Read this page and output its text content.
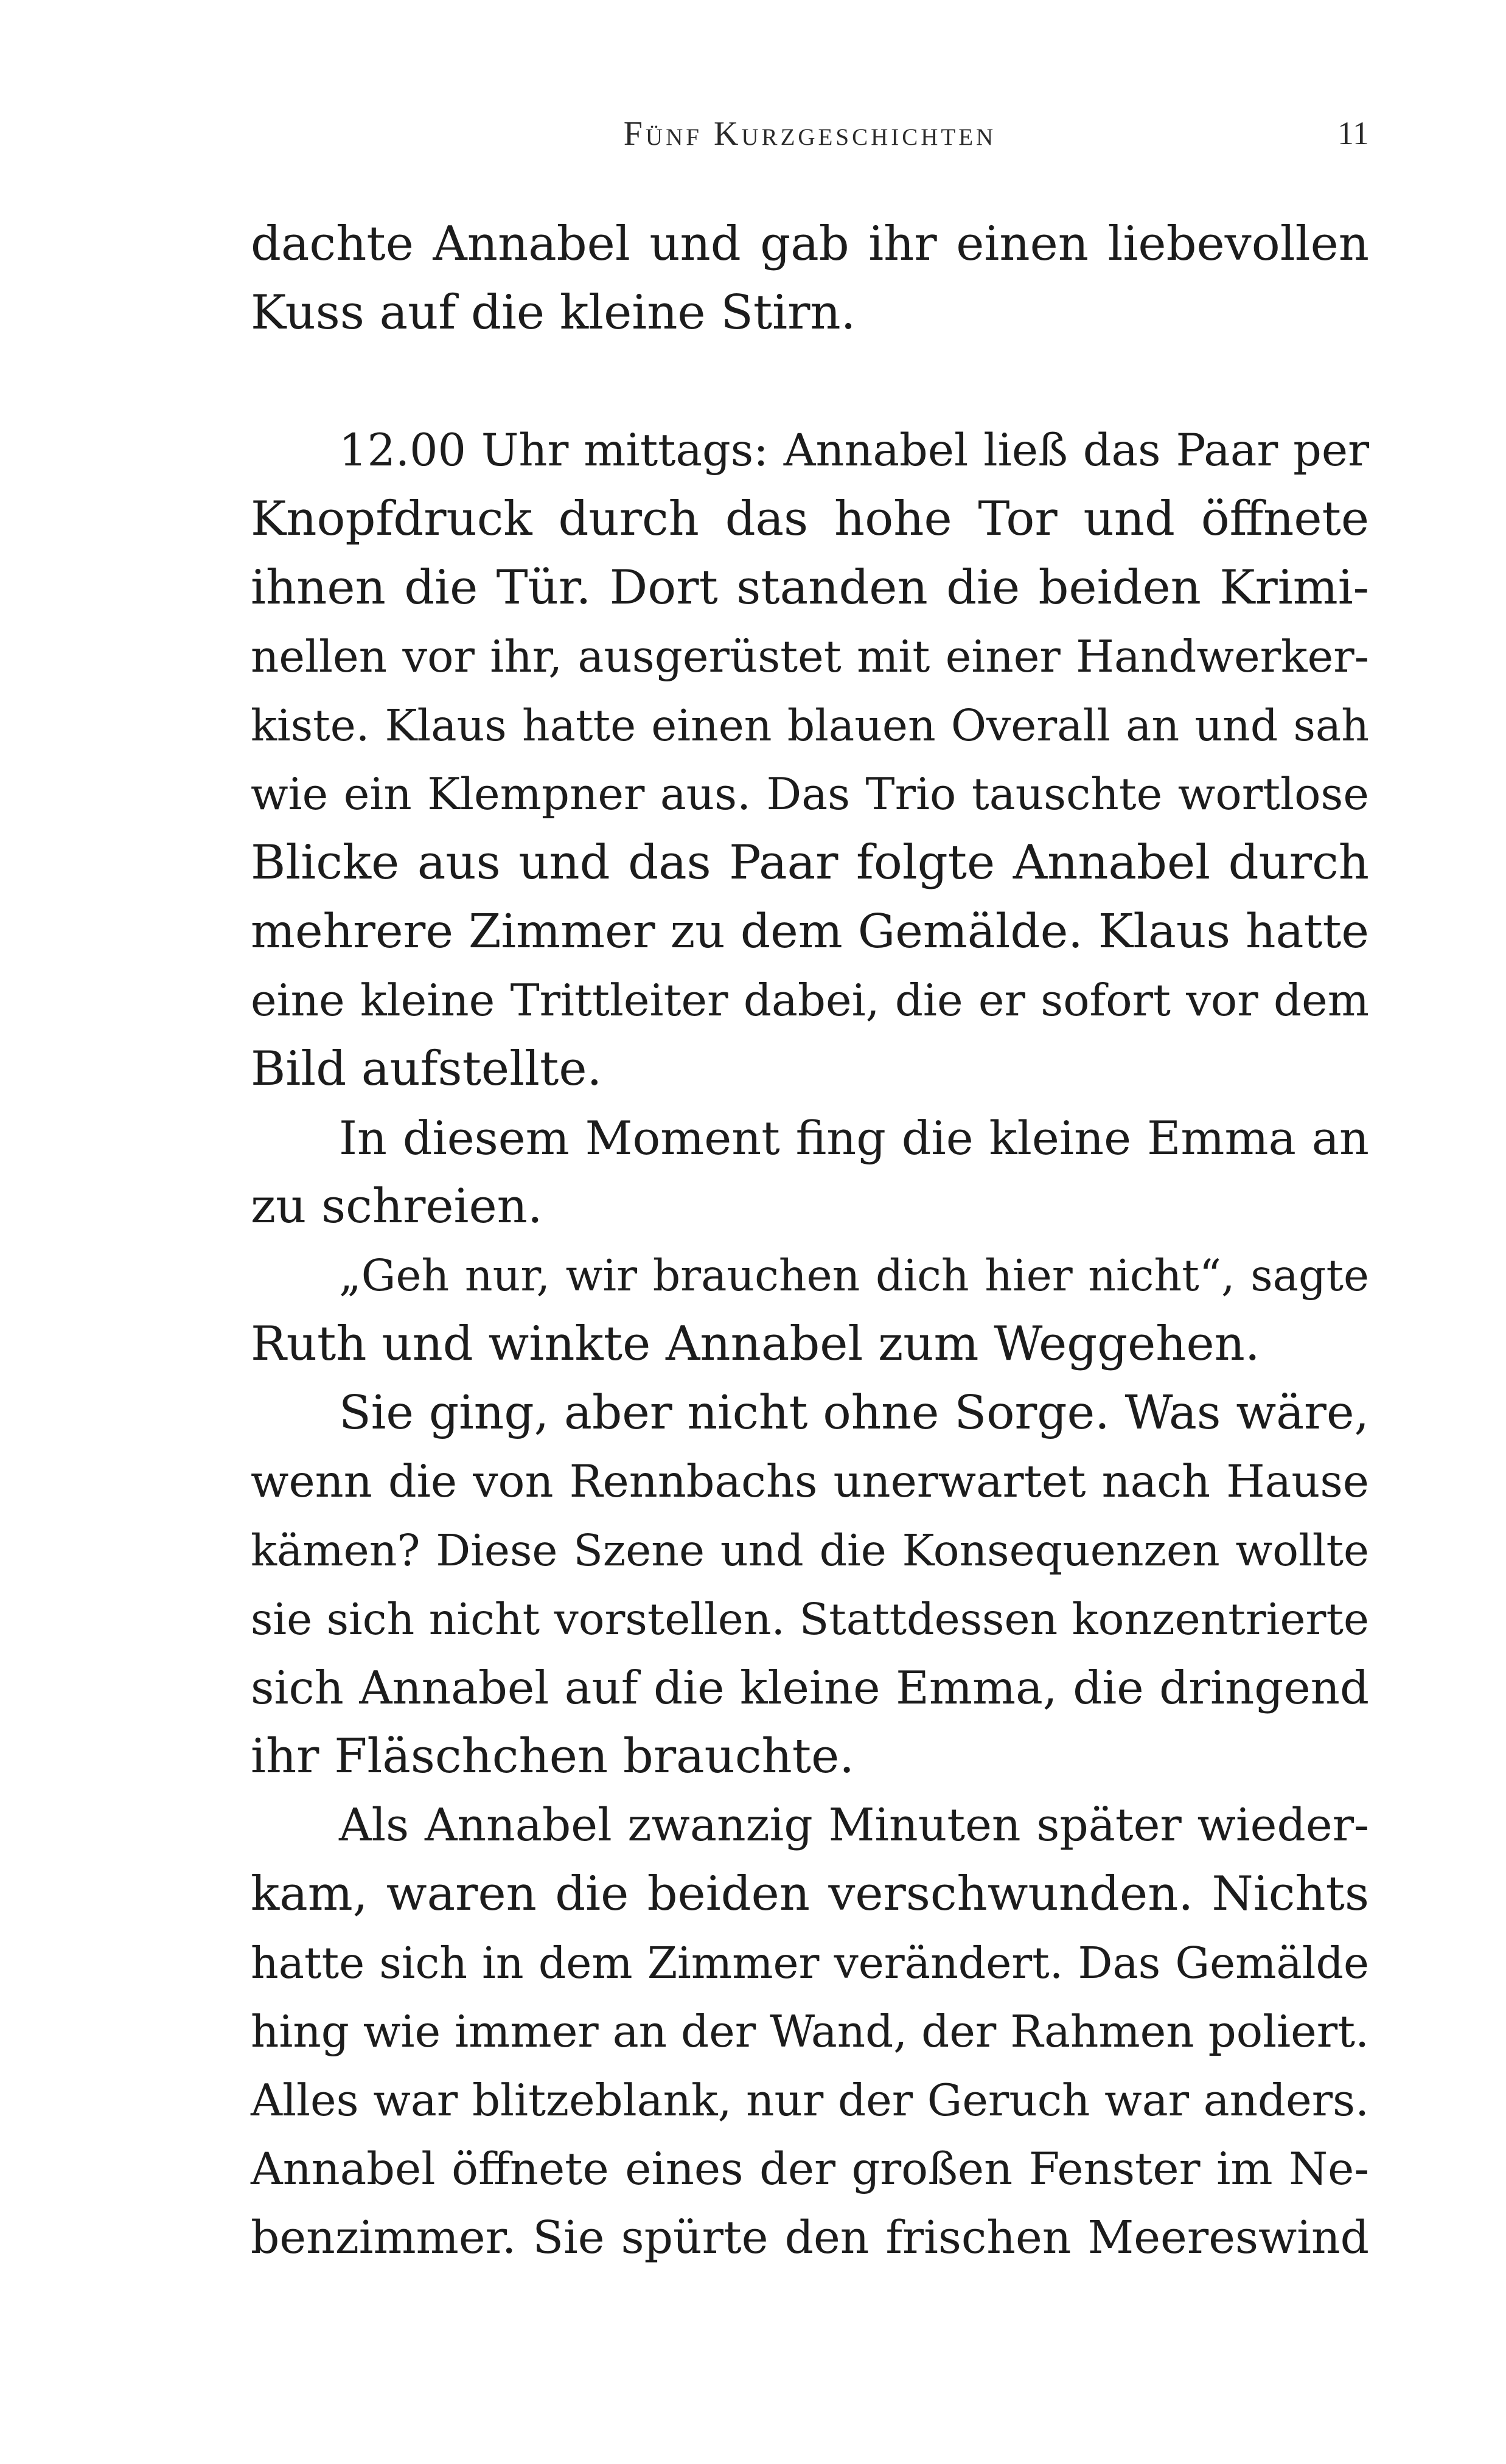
Fünf Kurzgeschichten	11
dachte Annabel und gab ihr einen liebevollen
Kuss auf die kleine Stirn.
12.00 Uhr mittags: Annabel ließ das Paar per
Knopfdruck durch das hohe Tor und öffnete
ihnen die Tür. Dort standen die beiden Krimi-
nellen vor ihr, ausgerüstet mit einer Handwerker-
kiste. Klaus hatte einen blauen Overall an und sah
wie ein Klempner aus. Das Trio tauschte wortlose
Blicke aus und das Paar folgte Annabel durch
mehrere Zimmer zu dem Gemälde. Klaus hatte
eine kleine Trittleiter dabei, die er sofort vor dem
Bild aufstellte.
In diesem Moment fing die kleine Emma an
zu schreien.
„Geh nur, wir brauchen dich hier nicht“, sagte
Ruth und winkte Annabel zum Weggehen.
Sie ging, aber nicht ohne Sorge. Was wäre,
wenn die von Rennbachs unerwartet nach Hause
kämen? Diese Szene und die Konsequenzen wollte
sie sich nicht vorstellen. Stattdessen konzentrierte
sich Annabel auf die kleine Emma, die dringend
ihr Fläschchen brauchte.
Als Annabel zwanzig Minuten später wieder-
kam, waren die beiden verschwunden. Nichts
hatte sich in dem Zimmer verändert. Das Gemälde
hing wie immer an der Wand, der Rahmen poliert.
Alles war blitzeblank, nur der Geruch war anders.
Annabel öffnete eines der großen Fenster im Ne-
benzimmer. Sie spürte den frischen Meereswind
